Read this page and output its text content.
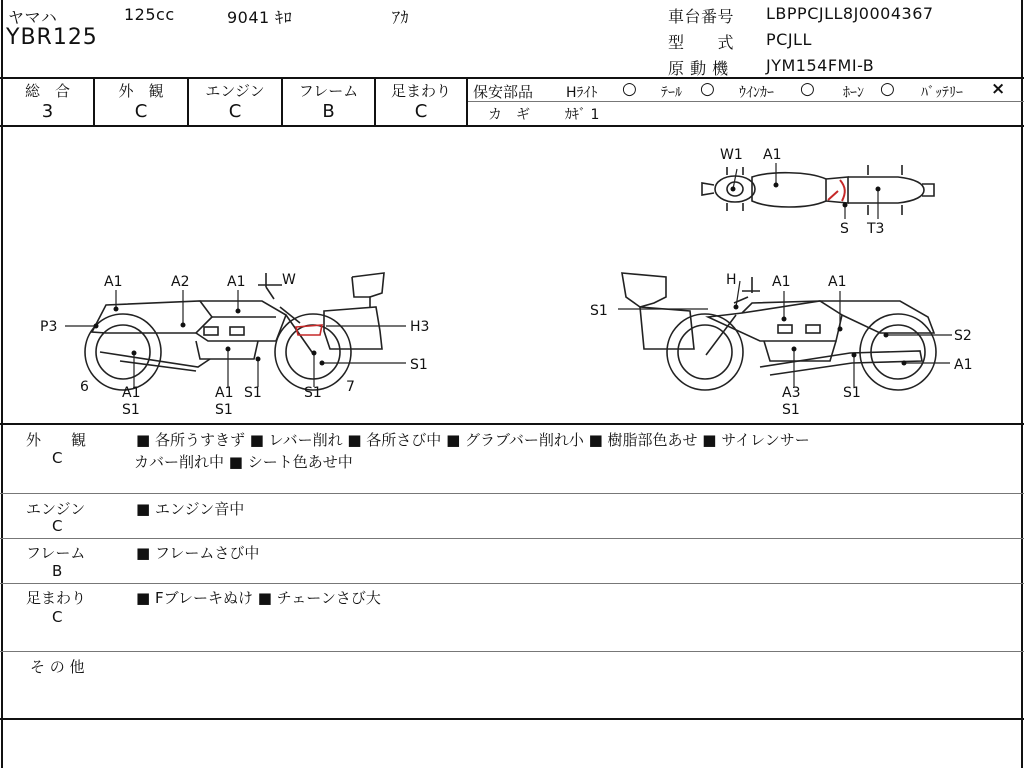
ヤマハ	125cc	9041 ｷﾛ	ｱｶ
YBR125
車台番号 LBPPCJLL8J0004367
型　　式 PCJLL
原 動 機 JYM154FMI-B
総　合
3
外　観
C
エンジン
C
フレーム
B
足まわり
C
保安部品 Hﾗｲﾄ ○ ﾃｰﾙ ○ ｳｲﾝｶｰ ○ ﾎｰﾝ ○ ﾊﾞｯﾃﾘｰ ×
カ　ギ	ｶｷﾞ 1
W1 A1
S T3
A1	A2	A1	W
P3	H3
6 A1
S1
A1
S1
S1	S1 7
S1
H	A1	A1
S1
S2
A1
A3
S1
S1
外　　観
C
■ 各所うすきず ■ レバー削れ ■ 各所さび中 ■ グラブバー削れ小 ■ 樹脂部色あせ ■ サイレンサー
カバー削れ中 ■ シート色あせ中
エンジン
C
■ エンジン音中
フレーム
B
■ フレームさび中
足まわり
C
■ Fブレーキぬけ ■ チェーンさび大
そ の 他
